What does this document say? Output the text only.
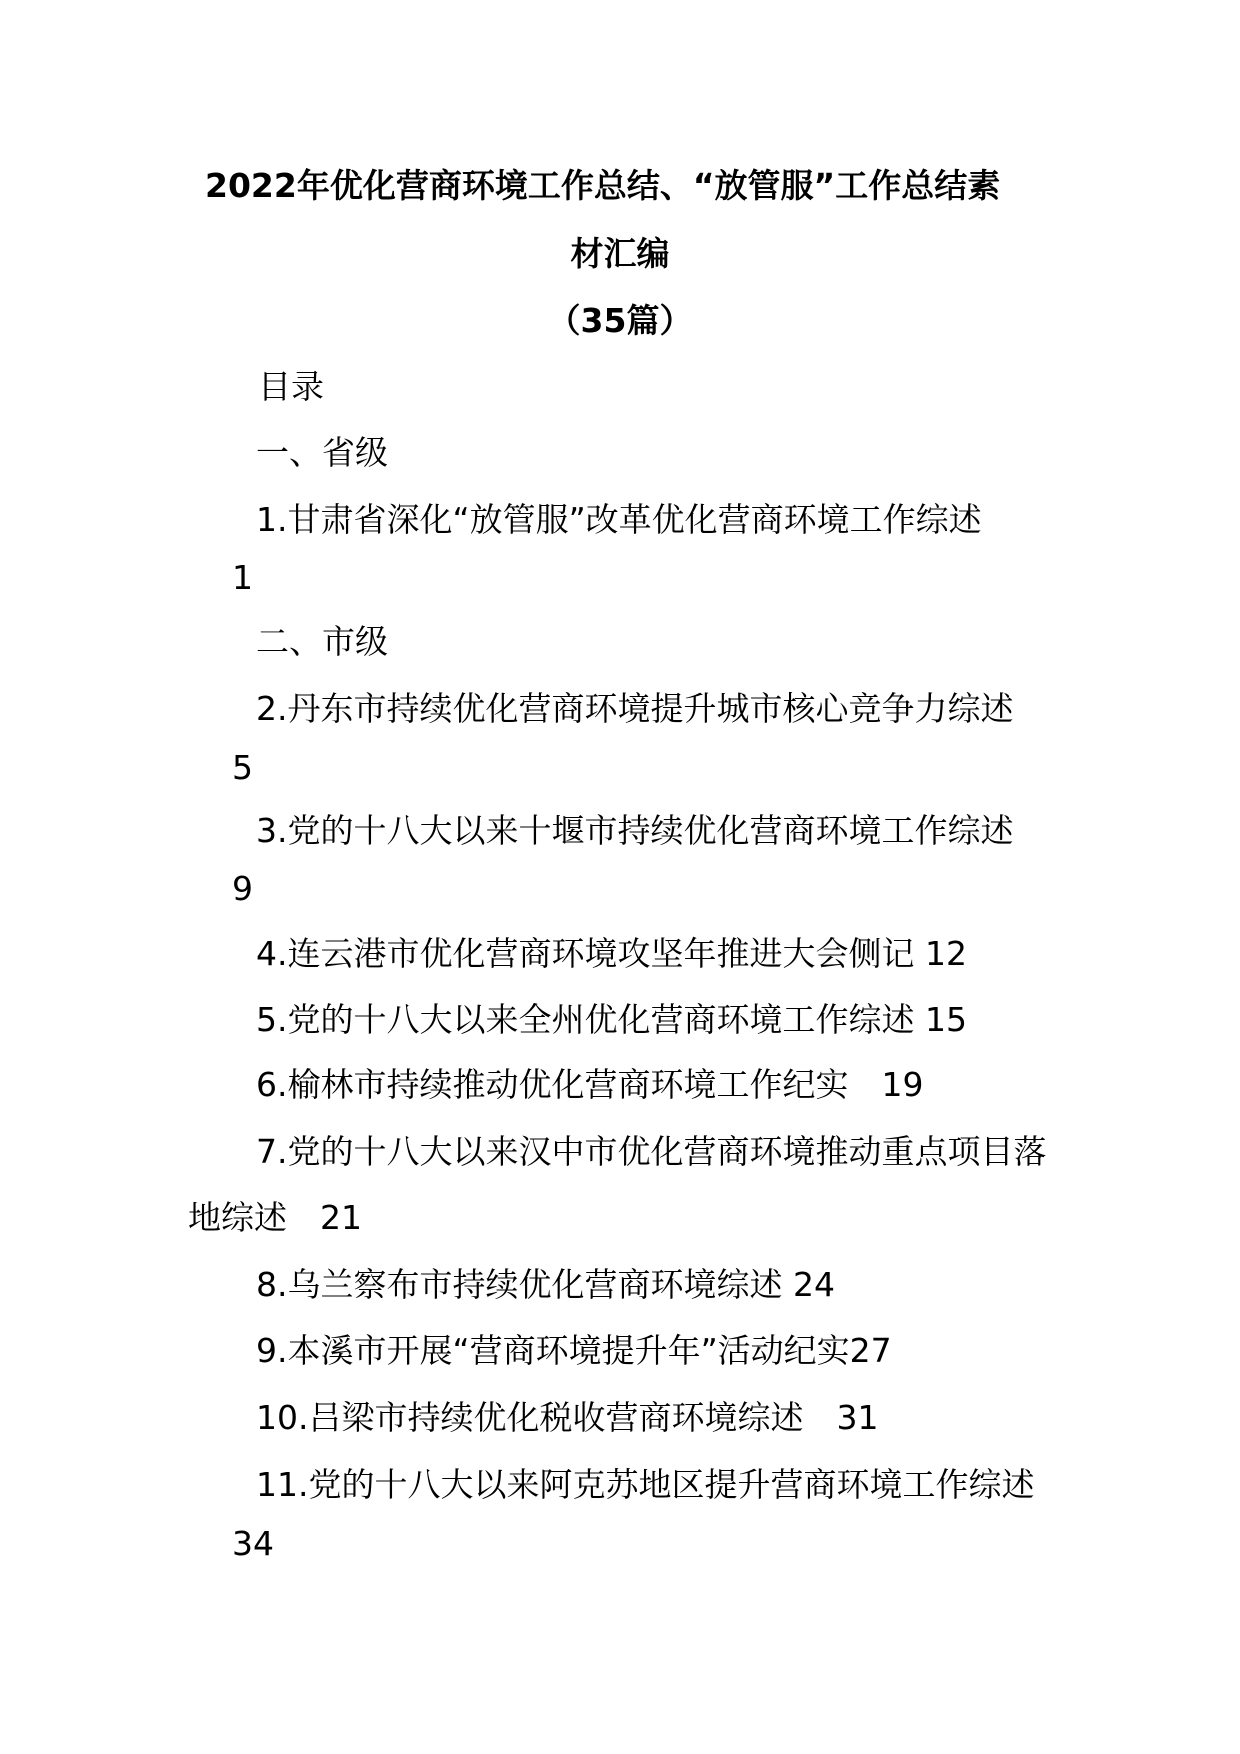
2022年优化营商环境工作总结、“放管服”工作总结素
材汇编
（35篇）
目录
一、省级
1.甘肃省深化“放管服”改革优化营商环境工作综述
1
二、市级
2.丹东市持续优化营商环境提升城市核心竞争力综述
5
3.党的十八大以来十堰市持续优化营商环境工作综述
9
4.连云港市优化营商环境攻坚年推进大会侧记 12
5.党的十八大以来全州优化营商环境工作综述 15
6.榆林市持续推动优化营商环境工作纪实　19
7.党的十八大以来汉中市优化营商环境推动重点项目落
地综述　21
8.乌兰察布市持续优化营商环境综述 24
9.本溪市开展“营商环境提升年”活动纪实27
10.吕梁市持续优化税收营商环境综述　31
11.党的十八大以来阿克苏地区提升营商环境工作综述
34
